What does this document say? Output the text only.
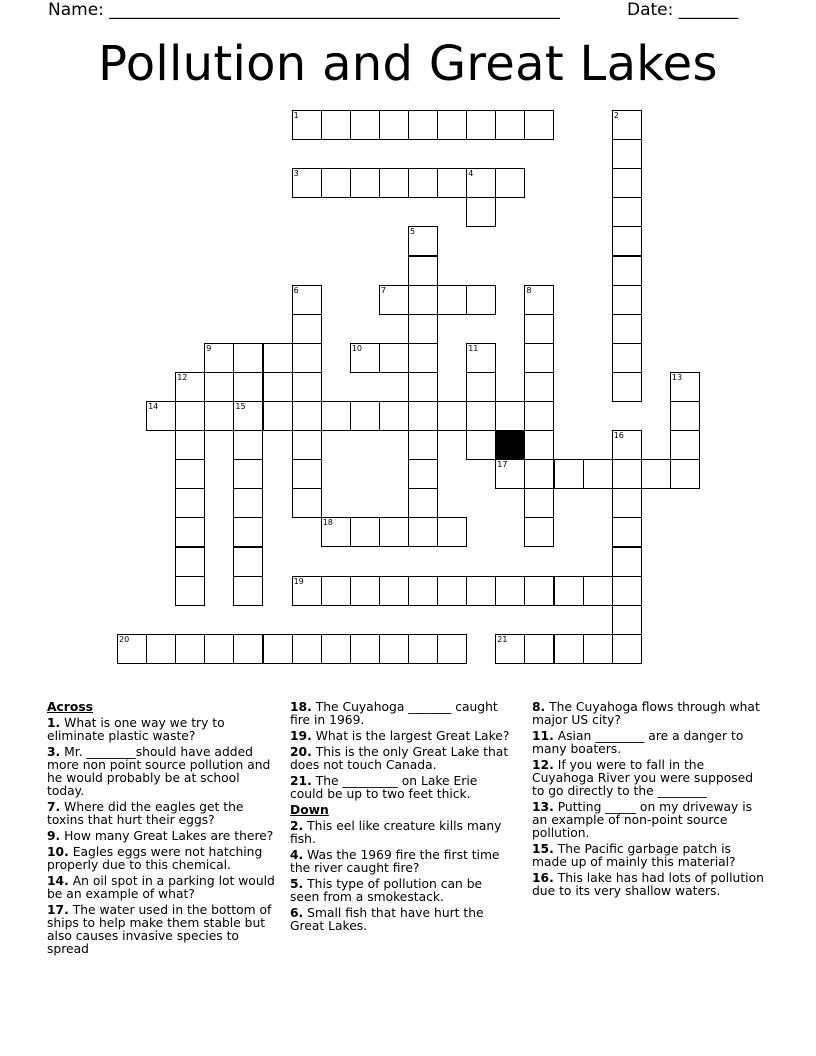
Name: _____________________________________________________	Date: _______
Pollution and Great Lakes
1
3	4
7
9	10
12
14	15
17
18
19
20	21
2
5
6	8
11
13
16
Across
1. What is one way we try to eliminate plastic waste?
3. Mr. ________should have added more non point source pollution and he would probably be at school today.
7. Where did the eagles get the toxins that hurt their eggs?
9. How many Great Lakes are there?
10. Eagles eggs were not hatching properly due to this chemical.
14. An oil spot in a parking lot would be an example of what?
17. The water used in the bottom of ships to help make them stable but also causes invasive species to spread
18. The Cuyahoga _______ caught fire in 1969.
19. What is the largest Great Lake?
20. This is the only Great Lake that does not touch Canada.
21. The _________ on Lake Erie could be up to two feet thick.
Down
2. This eel like creature kills many fish.
4. Was the 1969 fire the first time the river caught fire?
5. This type of pollution can be seen from a smokestack.
6. Small fish that have hurt the Great Lakes.
8. The Cuyahoga flows through what major US city?
11. Asian ________ are a danger to many boaters.
12. If you were to fall in the Cuyahoga River you were supposed to go directly to the ________
13. Putting _____ on my driveway is an example of non-point source pollution.
15. The Pacific garbage patch is made up of mainly this material?
16. This lake has had lots of pollution due to its very shallow waters.
